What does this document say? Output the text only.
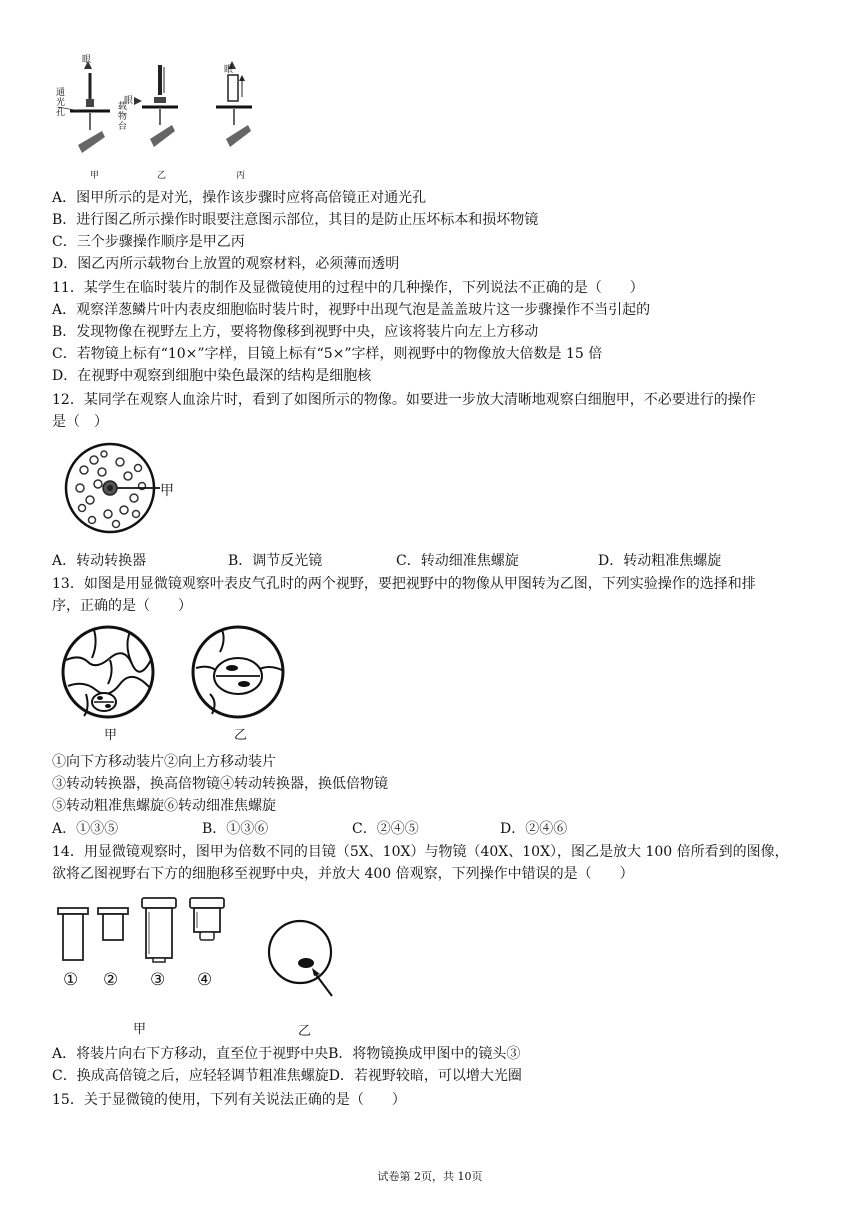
眼
眼
眼
通光孔
载物台
甲	乙	丙
A．图甲所示的是对光，操作该步骤时应将高倍镜正对通光孔
B．进行图乙所示操作时眼要注意图示部位，其目的是防止压坏标本和损坏物镜
C．三个步骤操作顺序是甲乙丙
D．图乙丙所示载物台上放置的观察材料，必须薄而透明
11．某学生在临时装片的制作及显微镜使用的过程中的几种操作，下列说法不正确的是（　　）
A．观察洋葱鳞片叶内表皮细胞临时装片时，视野中出现气泡是盖盖玻片这一步骤操作不当引起的
B．发现物像在视野左上方，要将物像移到视野中央，应该将装片向左上方移动
C．若物镜上标有“10×”字样，目镜上标有“5×”字样，则视野中的物像放大倍数是 15 倍
D．在视野中观察到细胞中染色最深的结构是细胞核
12．某同学在观察人血涂片时，看到了如图所示的物像。如要进一步放大清晰地观察白细胞甲，不必要进行的操作
是（　）
甲
A．转动转换器	B．调节反光镜	C．转动细准焦螺旋	D．转动粗准焦螺旋
13．如图是用显微镜观察叶表皮气孔时的两个视野，要把视野中的物像从甲图转为乙图，下列实验操作的选择和排
序，正确的是（　　）
甲	乙
①向下方移动装片②向上方移动装片
③转动转换器，换高倍物镜④转动转换器，换低倍物镜
⑤转动粗准焦螺旋⑥转动细准焦螺旋
A．①③⑤	B．①③⑥	C．②④⑤	D．②④⑥
14．用显微镜观察时，图甲为倍数不同的目镜（5X、10X）与物镜（40X、10X），图乙是放大 100 倍所看到的图像，
欲将乙图视野右下方的细胞移至视野中央，并放大 400 倍观察，下列操作中错误的是（　　）
① ② ③ ④
甲	乙
A．将装片向右下方移动，直至位于视野中央B．将物镜换成甲图中的镜头③
C．换成高倍镜之后，应轻轻调节粗准焦螺旋D．若视野较暗，可以增大光圈
15．关于显微镜的使用，下列有关说法正确的是（　　）
试卷第 2页，共 10页
